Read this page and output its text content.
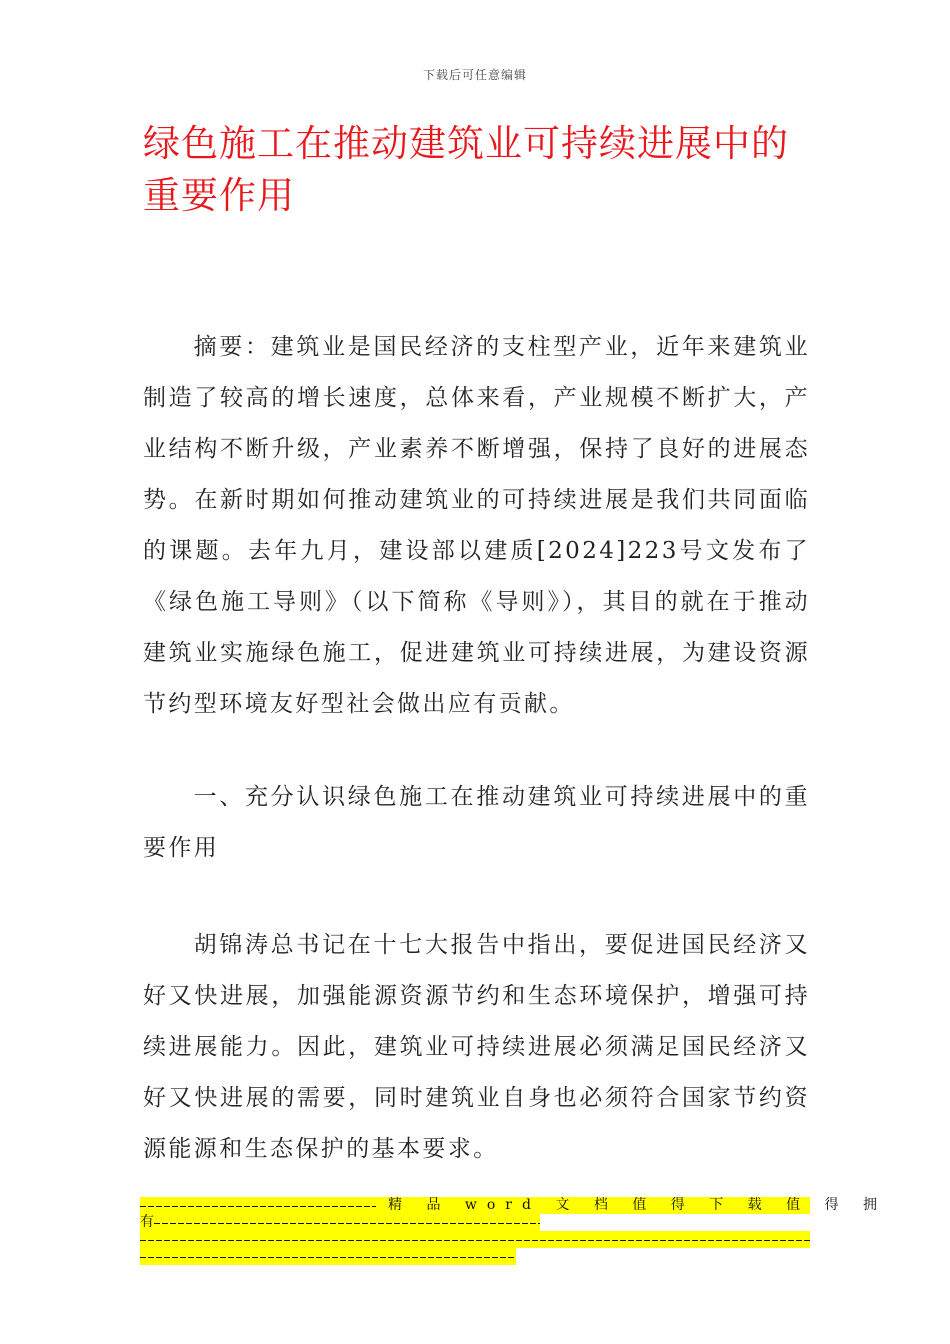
下载后可任意编辑
绿色施工在推动建筑业可持续进展中的重要作用

摘要：建筑业是国民经济的支柱型产业，近年来建筑业制造了较高的增长速度，总体来看，产业规模不断扩大，产业结构不断升级，产业素养不断增强，保持了良好的进展态势。在新时期如何推动建筑业的可持续进展是我们共同面临的课题。去年九月，建设部以建质[2024]223号文发布了《绿色施工导则》（以下简称《导则》），其目的就在于推动建筑业实施绿色施工，促进建筑业可持续进展，为建设资源节约型环境友好型社会做出应有贡献。

一、充分认识绿色施工在推动建筑业可持续进展中的重要作用

胡锦涛总书记在十七大报告中指出，要促进国民经济又好又快进展，加强能源资源节约和生态环境保护，增强可持续进展能力。因此，建筑业可持续进展必须满足国民经济又好又快进展的需要，同时建筑业自身也必须符合国家节约资源能源和生态保护的基本要求。

精 品 word 文 档 值 得 下 载 值 得 拥
有
